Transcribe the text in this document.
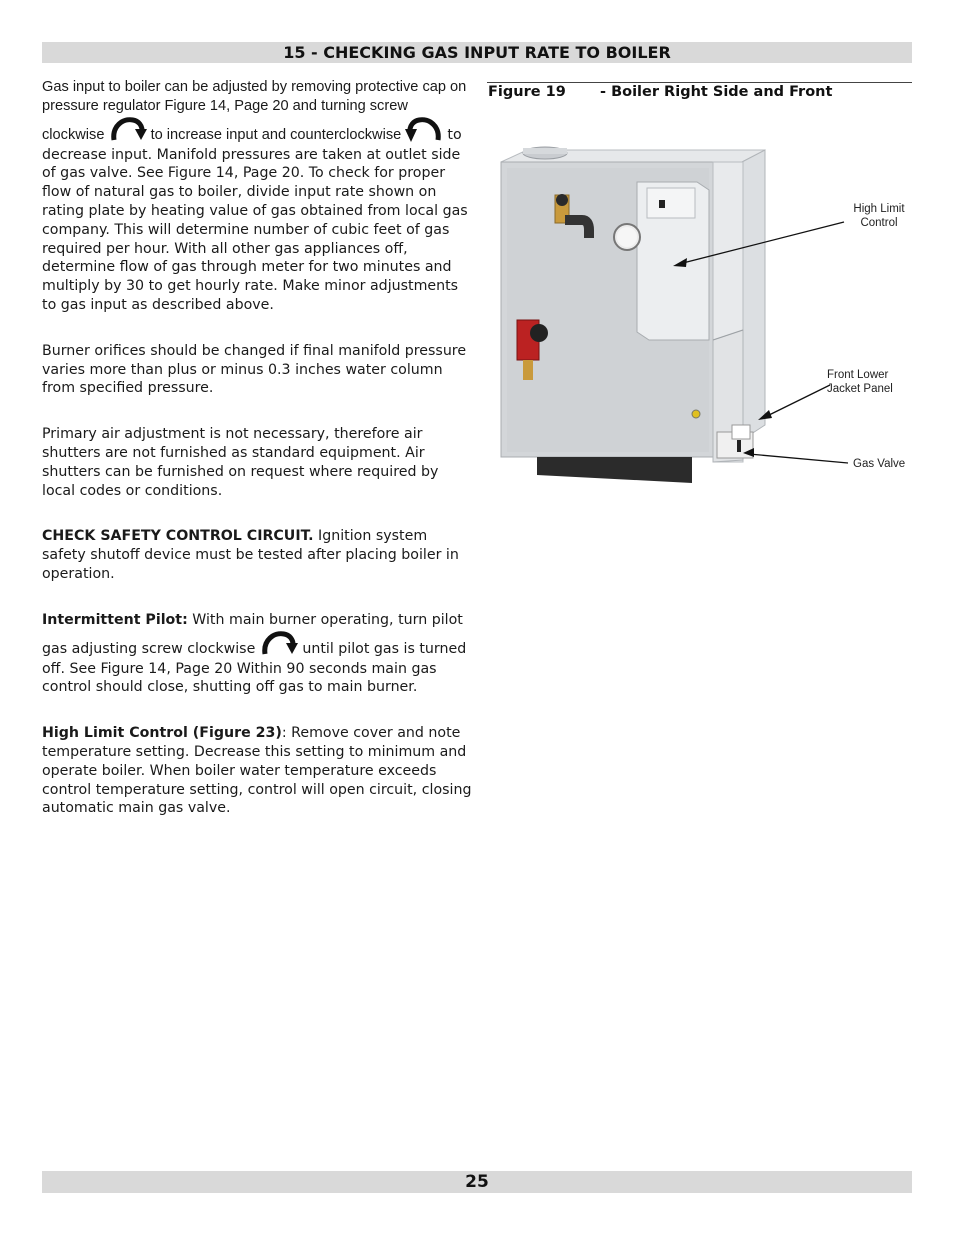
15 - CHECKING GAS INPUT RATE TO BOILER

Gas input to boiler can be adjusted by removing protective cap on pressure regulator Figure 14, Page 20 and turning screw clockwise	to increase input and counterclockwise	to decrease input. Manifold pressures are taken at outlet side of gas valve. See Figure 14, Page 20. To check for proper flow of natural gas to boiler, divide input rate shown on rating plate by heating value of gas obtained from local gas company. This will determine number of cubic feet of gas required per hour. With all other gas appliances off, determine flow of gas through meter for two minutes and multiply by 30 to get hourly rate. Make minor adjustments to gas input as described above.

Burner orifices should be changed if final manifold pressure varies more than plus or minus 0.3 inches water column from specified pressure.

Primary air adjustment is not necessary, therefore air shutters are not furnished as standard equipment. Air shutters can be furnished on request where required by local codes or conditions.

CHECK SAFETY CONTROL CIRCUIT. Ignition system safety shutoff device must be tested after placing boiler in operation.

Intermittent Pilot: With main burner operating, turn pilot gas adjusting screw clockwise	until pilot gas is turned off. See Figure 14, Page 20 Within 90 seconds main gas control should close, shutting off gas to main burner.

High Limit Control (Figure 23): Remove cover and note temperature setting. Decrease this setting to minimum and operate boiler. When boiler water temperature exceeds control temperature setting, control will open circuit, closing automatic main gas valve.

Figure 19 - Boiler Right Side and Front
High Limit
Control
Front Lower
Jacket Panel
Gas Valve
25
